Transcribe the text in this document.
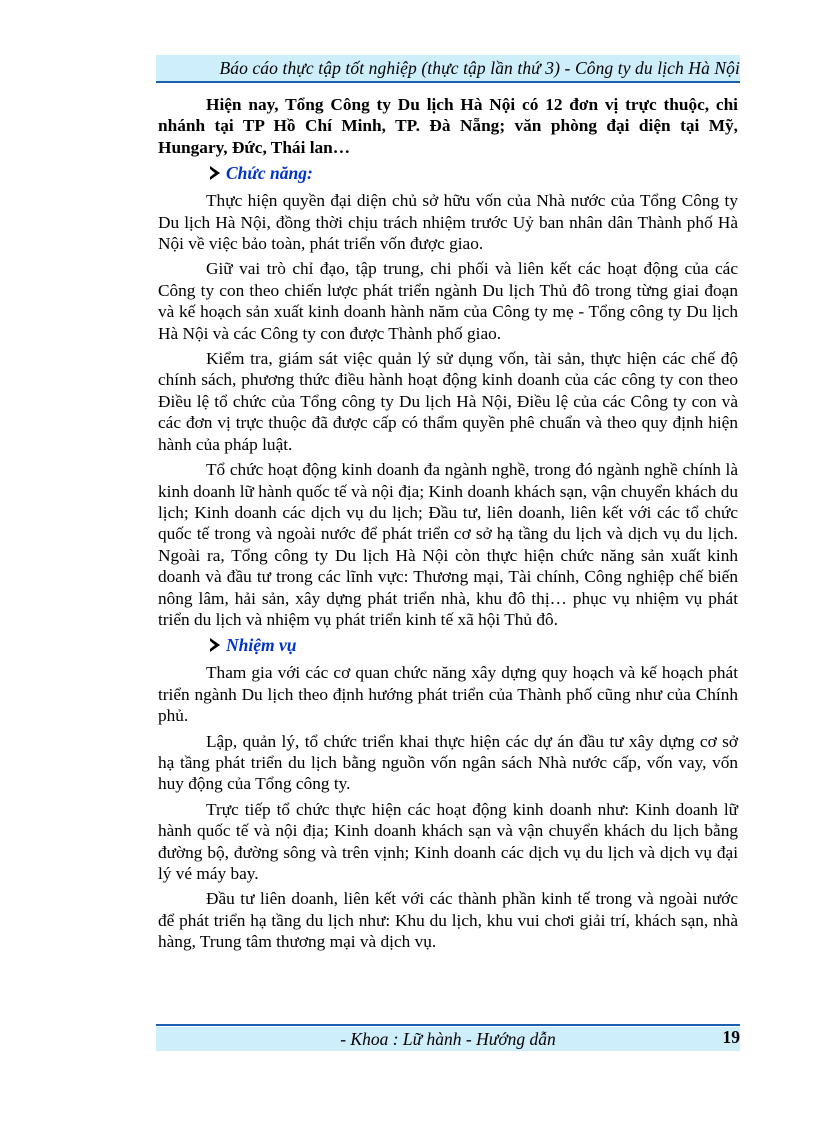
Báo cáo thực tập tốt nghiệp (thực tập lần thứ 3) - Công ty du lịch Hà Nội

Hiện nay, Tổng Công ty Du lịch Hà Nội có 12 đơn vị trực thuộc, chi nhánh tại TP Hồ Chí Minh, TP. Đà Nẵng; văn phòng đại diện tại Mỹ, Hungary, Đức, Thái lan…

Chức năng:

Thực hiện quyền đại diện chủ sở hữu vốn của Nhà nước của Tổng Công ty Du lịch Hà Nội, đồng thời chịu trách nhiệm trước Uỷ ban nhân dân Thành phố Hà Nội về việc bảo toàn, phát triển vốn được giao.

Giữ vai trò chỉ đạo, tập trung, chi phối và liên kết các hoạt động của các Công ty con theo chiến lược phát triển ngành Du lịch Thủ đô trong từng giai đoạn và kế hoạch sản xuất kinh doanh hành năm của Công ty mẹ - Tổng công ty Du lịch Hà Nội và các Công ty con được Thành phố giao.

Kiểm tra, giám sát việc quản lý sử dụng vốn, tài sản, thực hiện các chế độ chính sách, phương thức điều hành hoạt động kinh doanh của các công ty con theo Điều lệ tổ chức của Tổng công ty Du lịch Hà Nội, Điều lệ của các Công ty con và các đơn vị trực thuộc đã được cấp có thẩm quyền phê chuẩn và theo quy định hiện hành của pháp luật.

Tổ chức hoạt động kinh doanh đa ngành nghề, trong đó ngành nghề chính là kinh doanh lữ hành quốc tế và nội địa; Kinh doanh khách sạn, vận chuyển khách du lịch; Kinh doanh các dịch vụ du lịch; Đầu tư, liên doanh, liên kết với các tổ chức quốc tế trong và ngoài nước để phát triển cơ sở hạ tầng du lịch và dịch vụ du lịch. Ngoài ra, Tổng công ty Du lịch Hà Nội còn thực hiện chức năng sản xuất kinh doanh và đầu tư trong các lĩnh vực: Thương mại, Tài chính, Công nghiệp chế biến nông lâm, hải sản, xây dựng phát triển nhà, khu đô thị… phục vụ nhiệm vụ phát triển du lịch và nhiệm vụ phát triển kinh tế xã hội Thủ đô.

Nhiệm vụ

Tham gia với các cơ quan chức năng xây dựng quy hoạch và kế hoạch phát triển ngành Du lịch theo định hướng phát triển của Thành phố cũng như của Chính phủ.

Lập, quản lý, tổ chức triển khai thực hiện các dự án đầu tư xây dựng cơ sở hạ tầng phát triển du lịch bằng nguồn vốn ngân sách Nhà nước cấp, vốn vay, vốn huy động của Tổng công ty.

Trực tiếp tổ chức thực hiện các hoạt động kinh doanh như: Kinh doanh lữ hành quốc tế và nội địa; Kinh doanh khách sạn và vận chuyển khách du lịch bằng đường bộ, đường sông và trên vịnh; Kinh doanh các dịch vụ du lịch và dịch vụ đại lý vé máy bay.

Đầu tư liên doanh, liên kết với các thành phần kinh tế trong và ngoài nước để phát triển hạ tầng du lịch như: Khu du lịch, khu vui chơi giải trí, khách sạn, nhà hàng, Trung tâm thương mại và dịch vụ.

- Khoa : Lữ hành - Hướng dẫn	19
